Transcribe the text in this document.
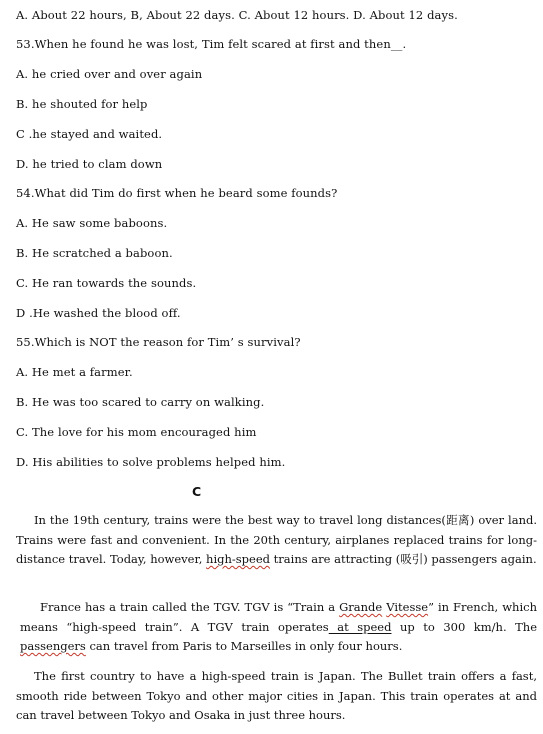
A. About 22 hours, B, About 22 days. C. About 12 hours. D. About 12 days.
53.When he found he was lost, Tim felt scared at first and then__.
A. he cried over and over again
B. he shouted for help
C .he stayed and waited.
D. he tried to clam down
54.What did Tim do first when he beard some founds?
A. He saw some baboons.
B. He scratched a baboon.
C. He ran towards the sounds.
D .He washed the blood off.
55.Which is NOT the reason for Tim’ s survival?
A. He met a farmer.
B. He was too scared to carry on walking.
C. The love for his mom encouraged him
D. His abilities to solve problems helped him.
C
In the 19th century, trains were the best way to travel long distances(距离) over land. Trains were fast and convenient. In the 20th century, airplanes replaced trains for long-distance travel. Today, however, high-speed trains are attracting (吸引) passengers again.
France has a train called the TGV. TGV is “Train a Grande Vitesse” in French, which means “high-speed train”. A TGV train operates at speed up to 300 km/h. The passengers can travel from Paris to Marseilles in only four hours.
The first country to have a high-speed train is Japan. The Bullet train offers a fast, smooth ride between Tokyo and other major cities in Japan. This train operates at and can travel between Tokyo and Osaka in just three hours.
